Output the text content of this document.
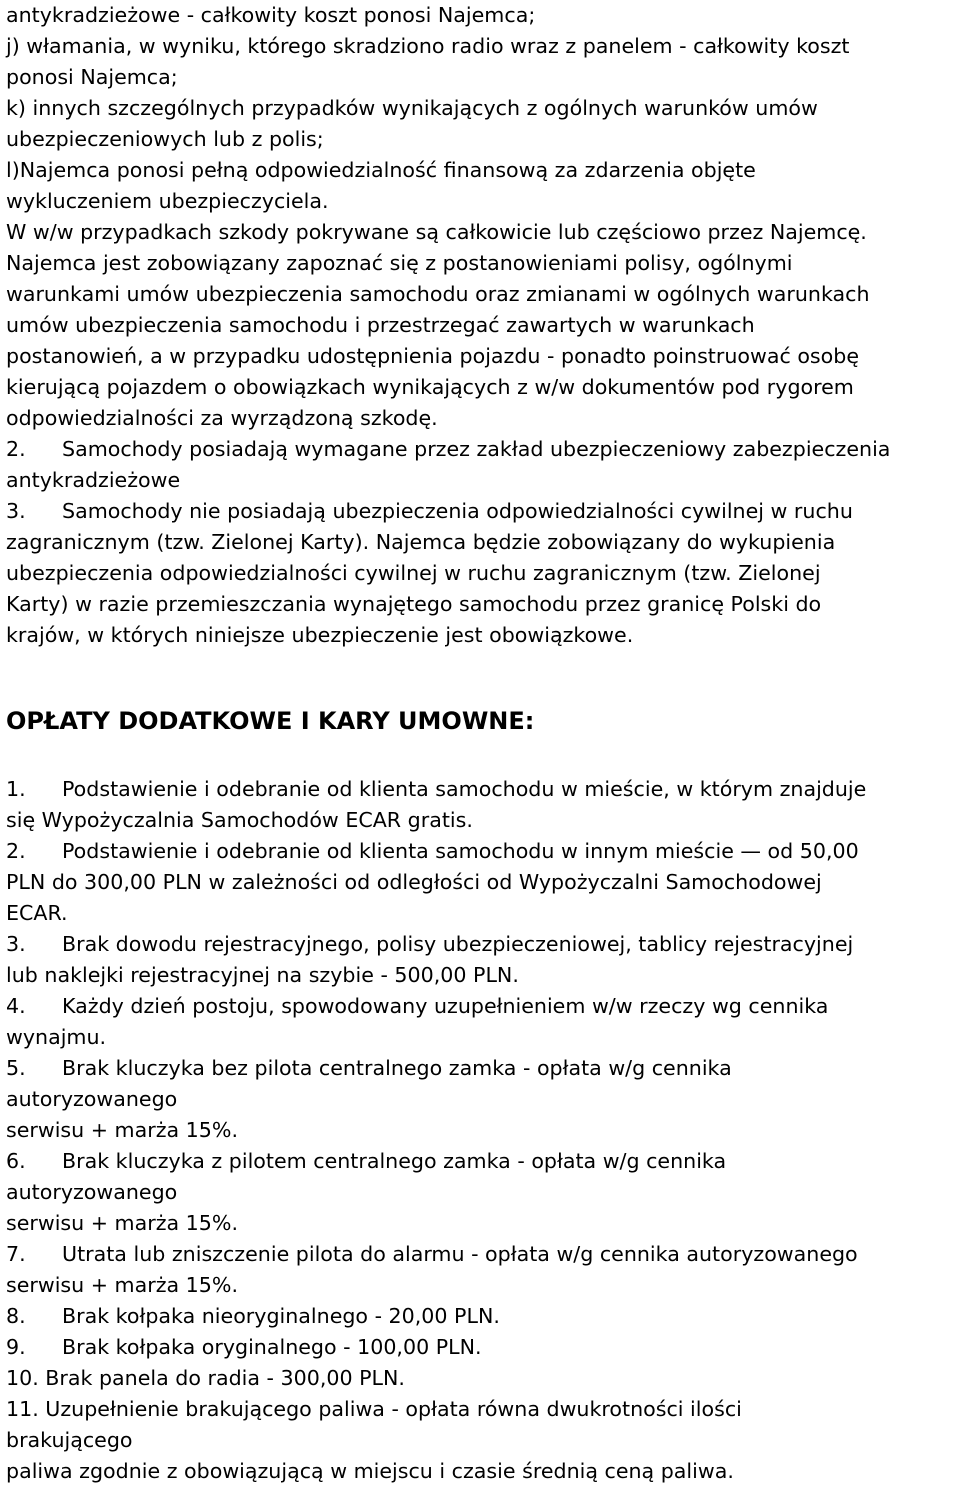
antykradzieżowe - całkowity koszt ponosi Najemca;
j) włamania, w wyniku, którego skradziono radio wraz z panelem - całkowity koszt
ponosi Najemca;
k) innych szczególnych przypadków wynikających z ogólnych warunków umów
ubezpieczeniowych lub z polis;
l)Najemca ponosi pełną odpowiedzialność finansową za zdarzenia objęte
wykluczeniem ubezpieczyciela.
W w/w przypadkach szkody pokrywane są całkowicie lub częściowo przez Najemcę.
Najemca jest zobowiązany zapoznać się z postanowieniami polisy, ogólnymi
warunkami umów ubezpieczenia samochodu oraz zmianami w ogólnych warunkach
umów ubezpieczenia samochodu i przestrzegać zawartych w warunkach
postanowień, a w przypadku udostępnienia pojazdu - ponadto poinstruować osobę
kierującą pojazdem o obowiązkach wynikających z w/w dokumentów pod rygorem
odpowiedzialności za wyrządzoną szkodę.
2. Samochody posiadają wymagane przez zakład ubezpieczeniowy zabezpieczenia
antykradzieżowe
3. Samochody nie posiadają ubezpieczenia odpowiedzialności cywilnej w ruchu
zagranicznym (tzw. Zielonej Karty). Najemca będzie zobowiązany do wykupienia
ubezpieczenia odpowiedzialności cywilnej w ruchu zagranicznym (tzw. Zielonej
Karty) w razie przemieszczania wynajętego samochodu przez granicę Polski do
krajów, w których niniejsze ubezpieczenie jest obowiązkowe.
OPŁATY DODATKOWE I KARY UMOWNE:
1. Podstawienie i odebranie od klienta samochodu w mieście, w którym znajduje
się Wypożyczalnia Samochodów ECAR gratis.
2. Podstawienie i odebranie od klienta samochodu w innym mieście — od 50,00
PLN do 300,00 PLN w zależności od odległości od Wypożyczalni Samochodowej
ECAR.
3. Brak dowodu rejestracyjnego, polisy ubezpieczeniowej, tablicy rejestracyjnej
lub naklejki rejestracyjnej na szybie - 500,00 PLN.
4. Każdy dzień postoju, spowodowany uzupełnieniem w/w rzeczy wg cennika
wynajmu.
5. Brak kluczyka bez pilota centralnego zamka - opłata w/g cennika
autoryzowanego
serwisu + marża 15%.
6. Brak kluczyka z pilotem centralnego zamka - opłata w/g cennika
autoryzowanego
serwisu + marża 15%.
7. Utrata lub zniszczenie pilota do alarmu - opłata w/g cennika autoryzowanego
serwisu + marża 15%.
8. Brak kołpaka nieoryginalnego - 20,00 PLN.
9. Brak kołpaka oryginalnego - 100,00 PLN.
10. Brak panela do radia - 300,00 PLN.
11. Uzupełnienie brakującego paliwa - opłata równa dwukrotności ilości
brakującego
paliwa zgodnie z obowiązującą w miejscu i czasie średnią ceną paliwa.
